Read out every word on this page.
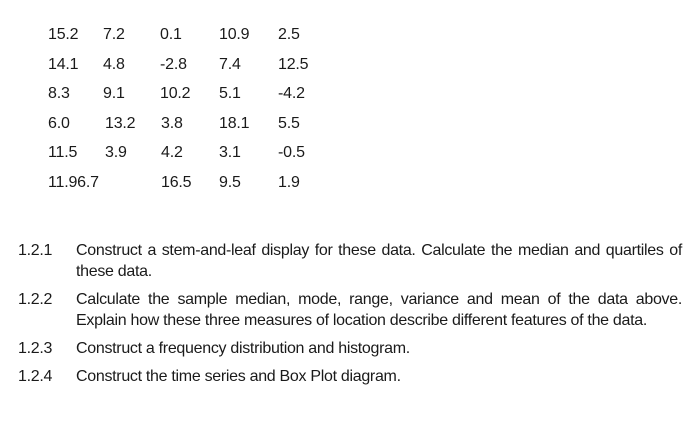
15.2 7.2 0.1 10.9 2.5
14.1 4.8 -2.8 7.4 12.5
8.3 9.1 10.2 5.1 -4.2
6.0 13.2 3.8 18.1 5.5
11.5 3.9 4.2 3.1 -0.5
11.96.7	16.5 9.5 1.9
1.2.1 Construct a stem-and-leaf display for these data. Calculate the median and quartiles of these data.
1.2.2 Calculate the sample median, mode, range, variance and mean of the data above. Explain how these three measures of location describe different features of the data.
1.2.3 Construct a frequency distribution and histogram.
1.2.4 Construct the time series and Box Plot diagram.
